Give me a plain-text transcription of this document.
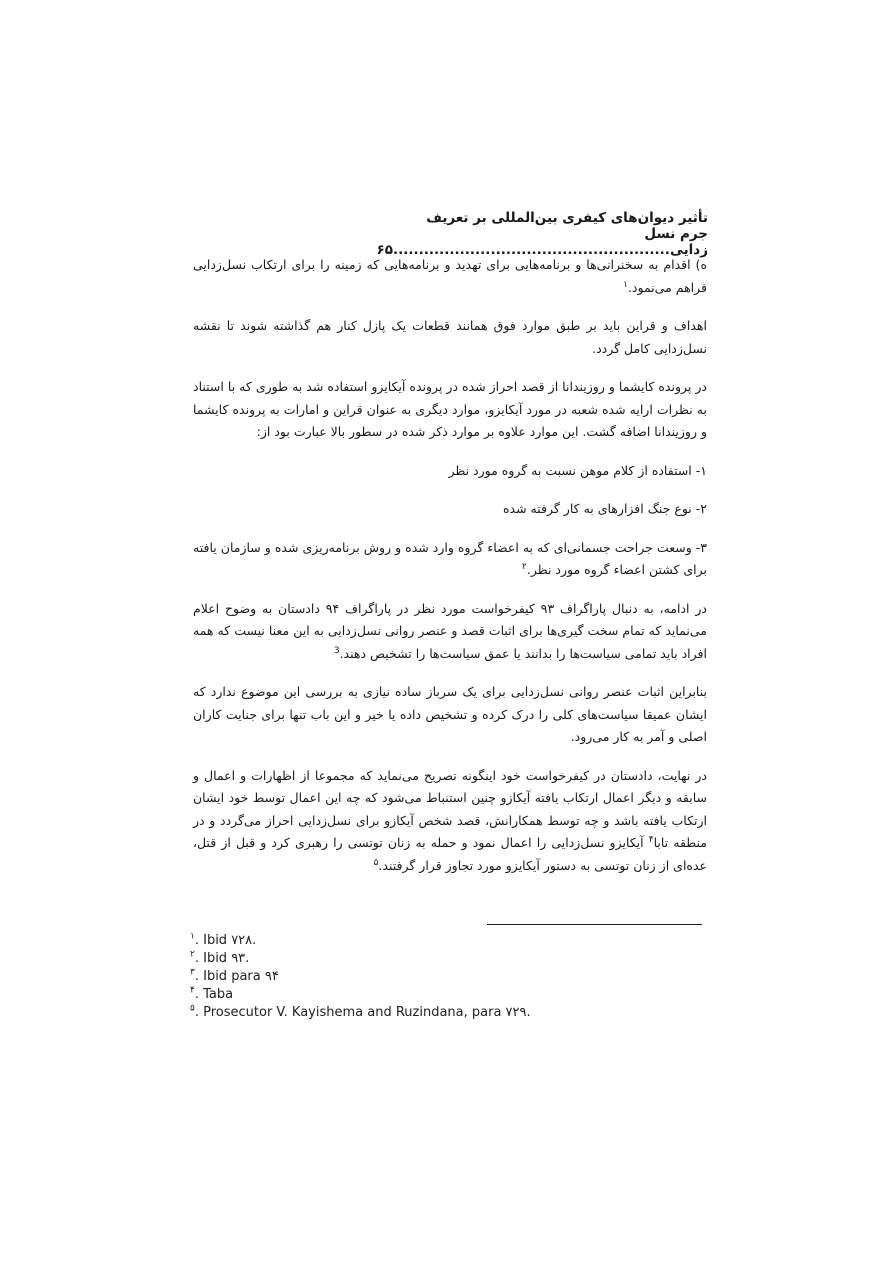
تأثیر دیوان‌های کیفری بین‌المللی بر تعریف جرم نسل
زدایی......................................................۶۵

ه) اقدام به سخنرانی‌ها و برنامه‌هایی برای تهدید و برنامه‌هایی که زمینه را برای ارتکاب نسل‌زدایی فراهم می‌نمود.$^۱$

اهداف و قراین باید بر طبق موارد فوق همانند قطعات یک پازل کنار هم گذاشته شوند تا نقشه نسل‌زدایی کامل گردد.

در پرونده کایشما و روزیندانا از قصد احراز شده در پرونده آیکایزو استفاده شد به طوری که با استناد به نظرات ارایه شده شعبه در مورد آیکایزو، موارد دیگری به عنوان قراین و امارات به پرونده کایشما و روزیندانا اضافه گشت. این موارد علاوه بر موارد ذکر شده در سطور بالا عبارت بود از:

۱- استفاده از کلام موهن نسبت به گروه مورد نظر

۲- نوع جنگ افزارهای به کار گرفته شده

۳- وسعت جراحت جسمانی‌ای که به اعضاء گروه وارد شده و روش برنامه‌ریزی شده و سازمان یافته برای کشتن اعضاء گروه مورد نظر.$^۲$

در ادامه، به دنبال پاراگراف ۹۳ کیفرخواست مورد نظر در پاراگراف ۹۴ دادستان به وضوح اعلام می‌نماید که تمام سخت گیری‌ها برای اثبات قصد و عنصر روانی نسل‌زدایی به این معنا نیست که همه افراد باید تمامی سیاست‌ها را بدانند یا عمق سیاست‌ها را تشخیص دهند.$^3$

بنابراین اثبات عنصر روانی نسل‌زدایی برای یک سرباز ساده نیازی به بررسی این موضوع ندارد که ایشان عمیقا سیاست‌های کلی را درک کرده و تشخیص داده یا خیر و این باب تنها برای جنایت کاران اصلی و آمر به کار می‌رود.

در نهایت، دادستان در کیفرخواست خود اینگونه تصریح می‌نماید که مجموعا از اظهارات و اعمال و سابقه و دیگر اعمال ارتکاب یافته آیکازو چنین استنباط می‌شود که چه این اعمال توسط خود ایشان ارتکاب یافته باشد و چه توسط همکارانش، قصد شخص آیکازو برای نسل‌زدایی احراز می‌گردد و در منطقه تابا$^۴$ آیکایزو نسل‌زدایی را اعمال نمود و حمله به زنان توتسی را رهبری کرد و قبل از قتل، عده‌ای از زنان توتسی به دستور آیکایزو مورد تجاوز قرار گرفتند.$^۵$

$^۱$. Ibid ۷۲۸.
$^۲$. Ibid ۹۳.
$^۳$. Ibid para ۹۴
$^۴$. Taba
$^۵$. Prosecutor V. Kayishema and Ruzindana, para ۷۲۹.
